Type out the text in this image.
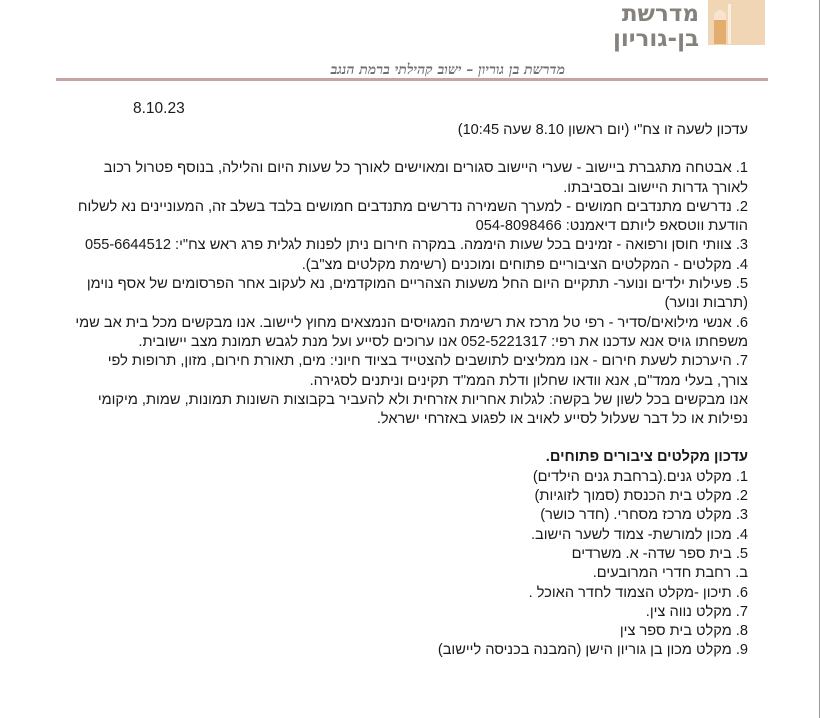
מדרשת
בן-גוריון
מדרשת בן גוריון – ישוב קהילתי ברמת הנגב
8.10.23

עדכון לשעה זו צח"י (יום ראשון 8.10 שעה 10:45)

1. אבטחה מתגברת ביישוב - שערי היישוב סגורים ומאוישים לאורך כל שעות היום והלילה, בנוסף פטרול רכוב לאורך גדרות היישוב ובסביבתו.

2. נדרשים מתנדבים חמושים - למערך השמירה נדרשים מתנדבים חמושים בלבד בשלב זה, המעוניינים נא לשלוח הודעת ווטסאפ ליותם דיאמנט: 054-8098466

3. צוותי חוסן ורפואה - זמינים בכל שעות היממה. במקרה חירום ניתן לפנות לגלית פרג ראש צח"י: 055-6644512

4. מקלטים - המקלטים הציבוריים פתוחים ומוכנים (רשימת מקלטים מצ"ב).

5. פעילות ילדים ונוער- תתקיים היום החל משעות הצהריים המוקדמים, נא לעקוב אחר הפרסומים של אסף נוימן (תרבות ונוער)

6. אנשי מילואים/סדיר - רפי טל מרכז את רשימת המגויסים הנמצאים מחוץ ליישוב. אנו מבקשים מכל בית אב שמי משפחתו גויס אנא עדכנו את רפי: 052-5221317 אנו ערוכים לסייע ועל מנת לגבש תמונת מצב יישובית.

7. היערכות לשעת חירום - אנו ממליצים לתושבים להצטייד בציוד חיוני: מים, תאורת חירום, מזון, תרופות לפי צורך, בעלי ממד"ם, אנא וודאו שחלון ודלת הממ"ד תקינים וניתנים לסגירה.

אנו מבקשים בכל לשון של בקשה: לגלות אחריות אזרחית ולא להעביר בקבוצות השונות תמונות, שמות, מיקומי נפילות או כל דבר שעלול לסייע לאויב או לפגוע באזרחי ישראל.

עדכון מקלטים ציבורים פתוחים.

1. מקלט גנים.(ברחבת גנים הילדים)

2. מקלט בית הכנסת (סמוך לזוגיות)

3. מקלט מרכז מסחרי. (חדר כושר)

4. מכון למורשת- צמוד לשער הישוב.

5. בית ספר שדה- א. משרדים

ב. רחבת חדרי המרובעים.

6. תיכון -מקלט הצמוד לחדר האוכל .

7. מקלט נווה צין.

8. מקלט בית ספר צין

9. מקלט מכון בן גוריון הישן (המבנה בכניסה ליישוב)
